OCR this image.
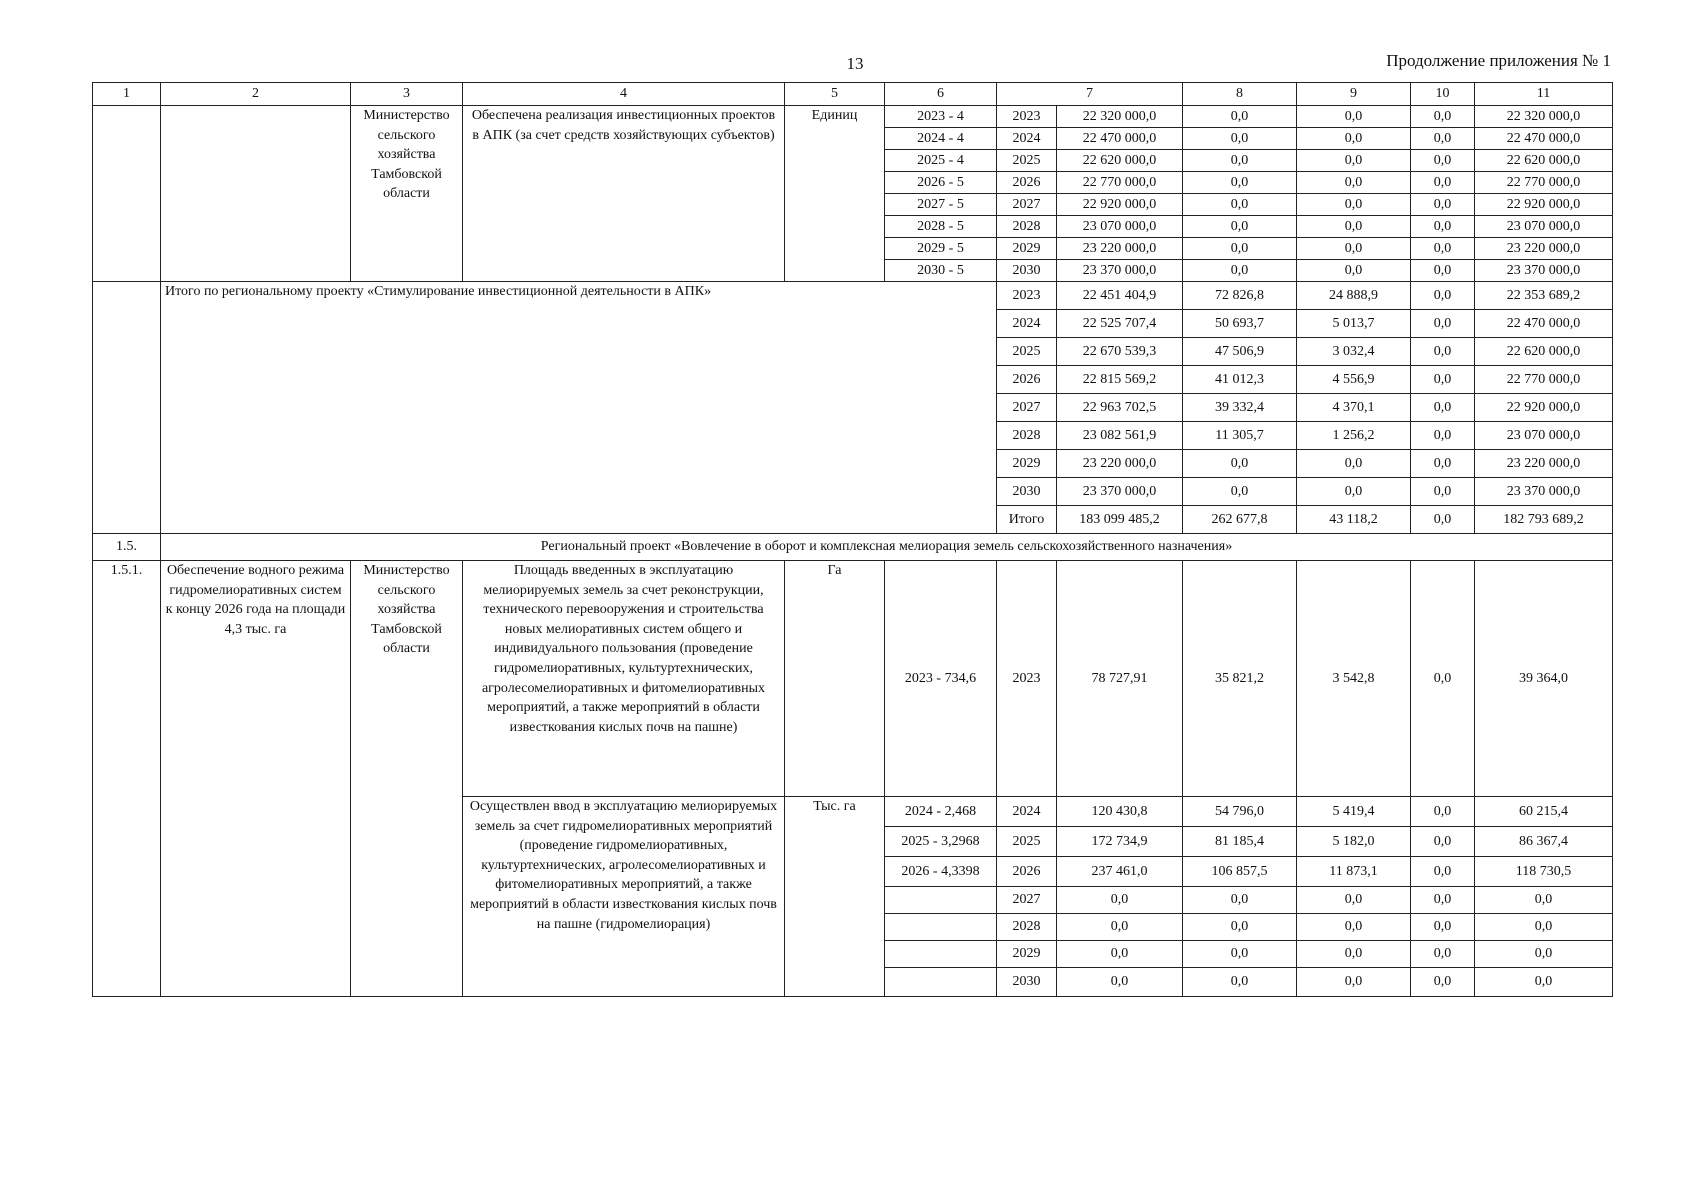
13	Продолжение приложения № 1
1	2	3	4	5	6	7		8	9	10	11
		Министерство сельского хозяйства Тамбовской области	Обеспечена реализация инвестиционных проектов в АПК (за счет средств хозяйствующих субъектов)	Единиц	2023 - 4	2023	22 320 000,0	0,0	0,0	0,0	22 320 000,0
					2024 - 4	2024	22 470 000,0	0,0	0,0	0,0	22 470 000,0
					2025 - 4	2025	22 620 000,0	0,0	0,0	0,0	22 620 000,0
					2026 - 5	2026	22 770 000,0	0,0	0,0	0,0	22 770 000,0
					2027 - 5	2027	22 920 000,0	0,0	0,0	0,0	22 920 000,0
					2028 - 5	2028	23 070 000,0	0,0	0,0	0,0	23 070 000,0
					2029 - 5	2029	23 220 000,0	0,0	0,0	0,0	23 220 000,0
					2030 - 5	2030	23 370 000,0	0,0	0,0	0,0	23 370 000,0
	Итого по региональному проекту «Стимулирование инвестиционной деятельности в АПК»					2023	22 451 404,9	72 826,8	24 888,9	0,0	22 353 689,2
						2024	22 525 707,4	50 693,7	5 013,7	0,0	22 470 000,0
						2025	22 670 539,3	47 506,9	3 032,4	0,0	22 620 000,0
						2026	22 815 569,2	41 012,3	4 556,9	0,0	22 770 000,0
						2027	22 963 702,5	39 332,4	4 370,1	0,0	22 920 000,0
						2028	23 082 561,9	11 305,7	1 256,2	0,0	23 070 000,0
						2029	23 220 000,0	0,0	0,0	0,0	23 220 000,0
						2030	23 370 000,0	0,0	0,0	0,0	23 370 000,0
						Итого	183 099 485,2	262 677,8	43 118,2	0,0	182 793 689,2
1.5.	Региональный проект «Вовлечение в оборот и комплексная мелиорация земель сельскохозяйственного назначения»										
1.5.1.	Обеспечение водного режима гидромелиоративных систем к концу 2026 года на площади 4,3 тыс. га	Министерство сельского хозяйства Тамбовской области	Площадь введенных в эксплуатацию мелиорируемых земель за счет реконструкции, технического перевооружения и строительства новых мелиоративных систем общего и индивидуального пользования (проведение гидромелиоративных, культуртехнических, агролесомелиоративных и фитомелиоративных мероприятий, а также мероприятий в области известкования кислых почв на пашне)	Га	2023 - 734,6	2023	78 727,91	35 821,2	3 542,8	0,0	39 364,0
			Осуществлен ввод в эксплуатацию мелиорируемых земель за счет гидромелиоративных мероприятий (проведение гидромелиоративных, культуртехнических, агролесомелиоративных и фитомелиоративных мероприятий, а также мероприятий в области известкования кислых почв на пашне (гидромелиорация)	Тыс. га	2024 - 2,468	2024	120 430,8	54 796,0	5 419,4	0,0	60 215,4
					2025 - 3,2968	2025	172 734,9	81 185,4	5 182,0	0,0	86 367,4
					2026 - 4,3398	2026	237 461,0	106 857,5	11 873,1	0,0	118 730,5
						2027	0,0	0,0	0,0	0,0	0,0
						2028	0,0	0,0	0,0	0,0	0,0
						2029	0,0	0,0	0,0	0,0	0,0
						2030	0,0	0,0	0,0	0,0	0,0
